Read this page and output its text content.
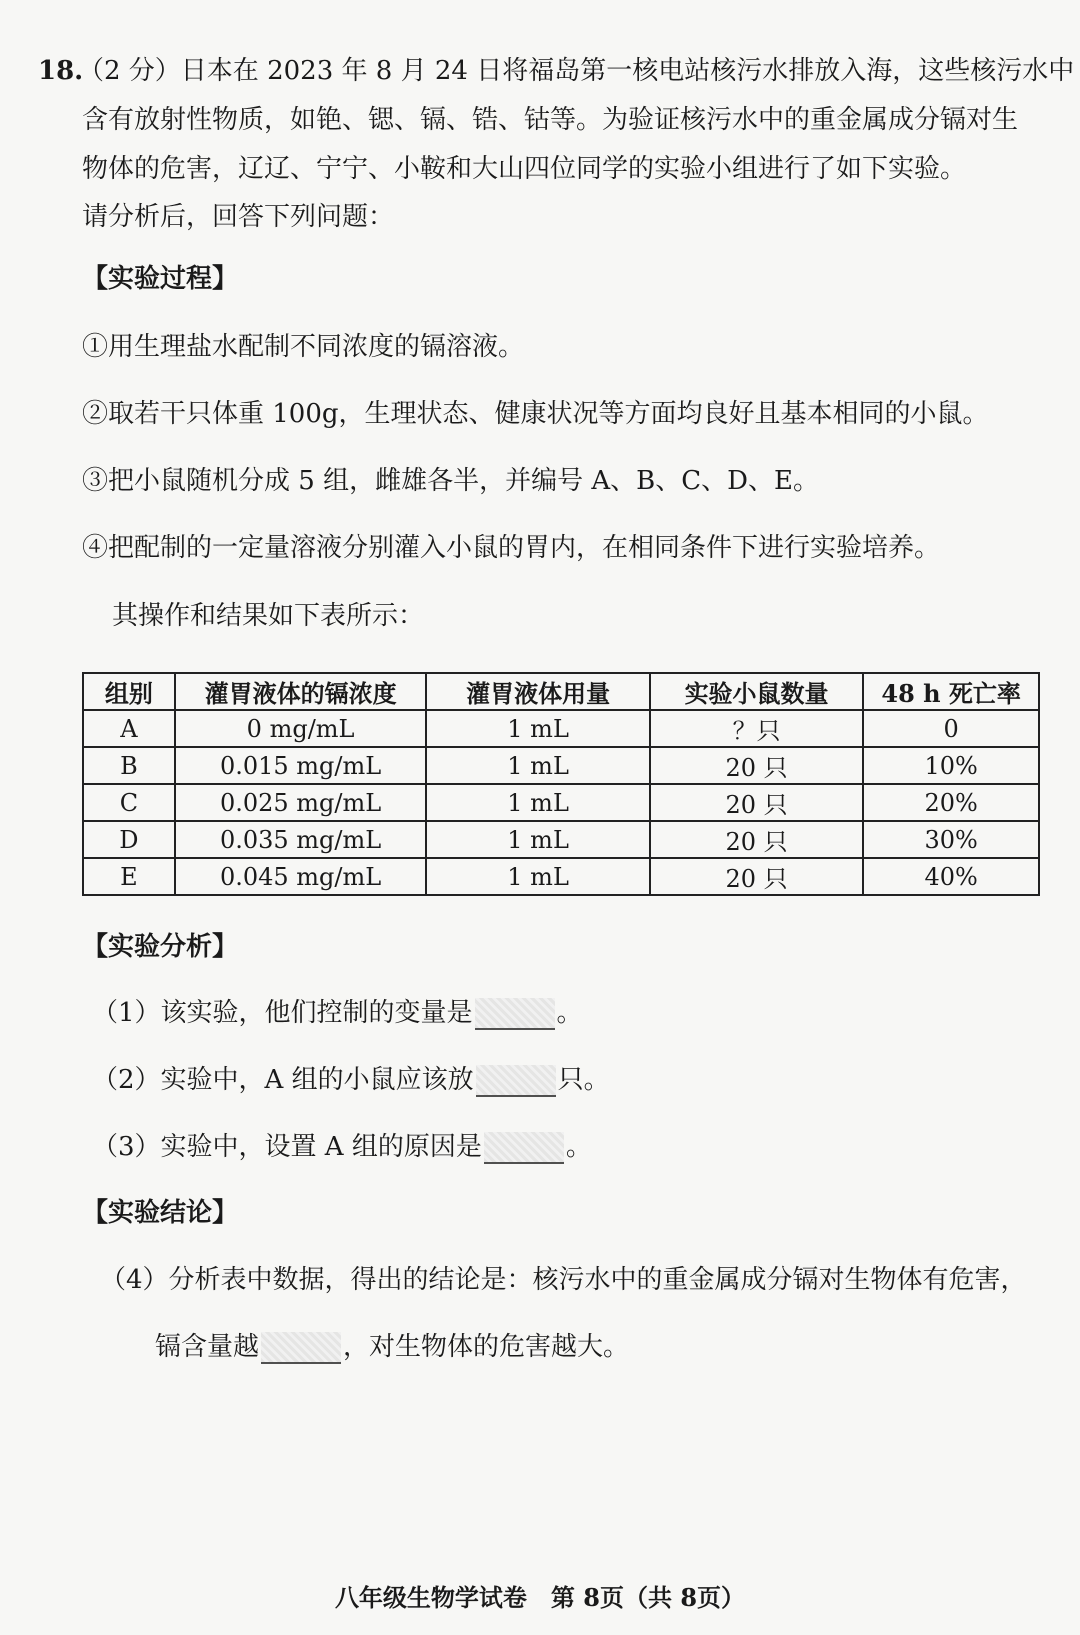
18.
（2 分）日本在 2023 年 8 月 24 日将福岛第一核电站核污水排放入海，这些核污水中
含有放射性物质，如铯、锶、镉、锆、钴等。为验证核污水中的重金属成分镉对生
物体的危害，辽辽、宁宁、小鞍和大山四位同学的实验小组进行了如下实验。
请分析后，回答下列问题：
【实验过程】
①用生理盐水配制不同浓度的镉溶液。
②取若干只体重 100g，生理状态、健康状况等方面均良好且基本相同的小鼠。
③把小鼠随机分成 5 组，雌雄各半，并编号 A、B、C、D、E。
④把配制的一定量溶液分别灌入小鼠的胃内，在相同条件下进行实验培养。
其操作和结果如下表所示：
组别	灌胃液体的镉浓度	灌胃液体用量	实验小鼠数量	48 h 死亡率
A	0 mg/mL	1 mL	？只	0
B	0.015 mg/mL	1 mL	20 只	10%
C	0.025 mg/mL	1 mL	20 只	20%
D	0.035 mg/mL	1 mL	20 只	30%
E	0.045 mg/mL	1 mL	20 只	40%
【实验分析】
（1）该实验，他们控制的变量是	。
（2）实验中，A 组的小鼠应该放	只。
（3）实验中，设置 A 组的原因是	。
【实验结论】
（4）分析表中数据，得出的结论是：核污水中的重金属成分镉对生物体有危害，
镉含量越	，对生物体的危害越大。
八年级生物学试卷　第 8页（共 8页）
